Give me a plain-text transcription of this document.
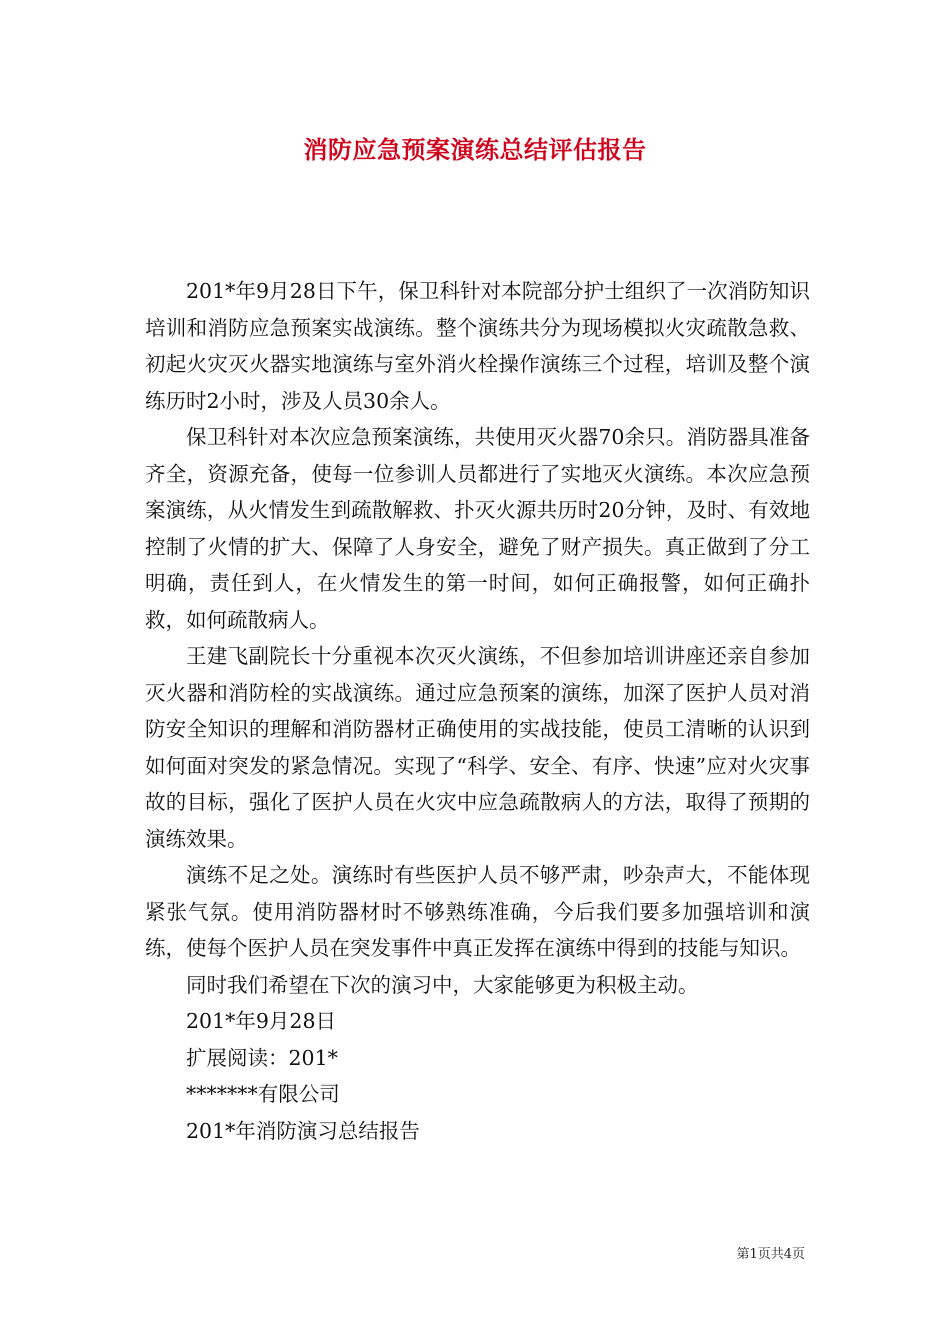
消防应急预案演练总结评估报告

201*年9月28日下午，保卫科针对本院部分护士组织了一次消防知识培训和消防应急预案实战演练。整个演练共分为现场模拟火灾疏散急救、初起火灾灭火器实地演练与室外消火栓操作演练三个过程，培训及整个演练历时2小时，涉及人员30余人。

保卫科针对本次应急预案演练，共使用灭火器70余只。消防器具准备齐全，资源充备，使每一位参训人员都进行了实地灭火演练。本次应急预案演练，从火情发生到疏散解救、扑灭火源共历时20分钟，及时、有效地控制了火情的扩大、保障了人身安全，避免了财产损失。真正做到了分工明确，责任到人，在火情发生的第一时间，如何正确报警，如何正确扑救，如何疏散病人。

王建飞副院长十分重视本次灭火演练，不但参加培训讲座还亲自参加灭火器和消防栓的实战演练。通过应急预案的演练，加深了医护人员对消防安全知识的理解和消防器材正确使用的实战技能，使员工清晰的认识到如何面对突发的紧急情况。实现了“科学、安全、有序、快速”应对火灾事故的目标，强化了医护人员在火灾中应急疏散病人的方法，取得了预期的演练效果。

演练不足之处。演练时有些医护人员不够严肃，吵杂声大，不能体现紧张气氛。使用消防器材时不够熟练准确，今后我们要多加强培训和演练，使每个医护人员在突发事件中真正发挥在演练中得到的技能与知识。

同时我们希望在下次的演习中，大家能够更为积极主动。

201*年9月28日

扩展阅读：201*

*******有限公司

201*年消防演习总结报告

第1页共4页
